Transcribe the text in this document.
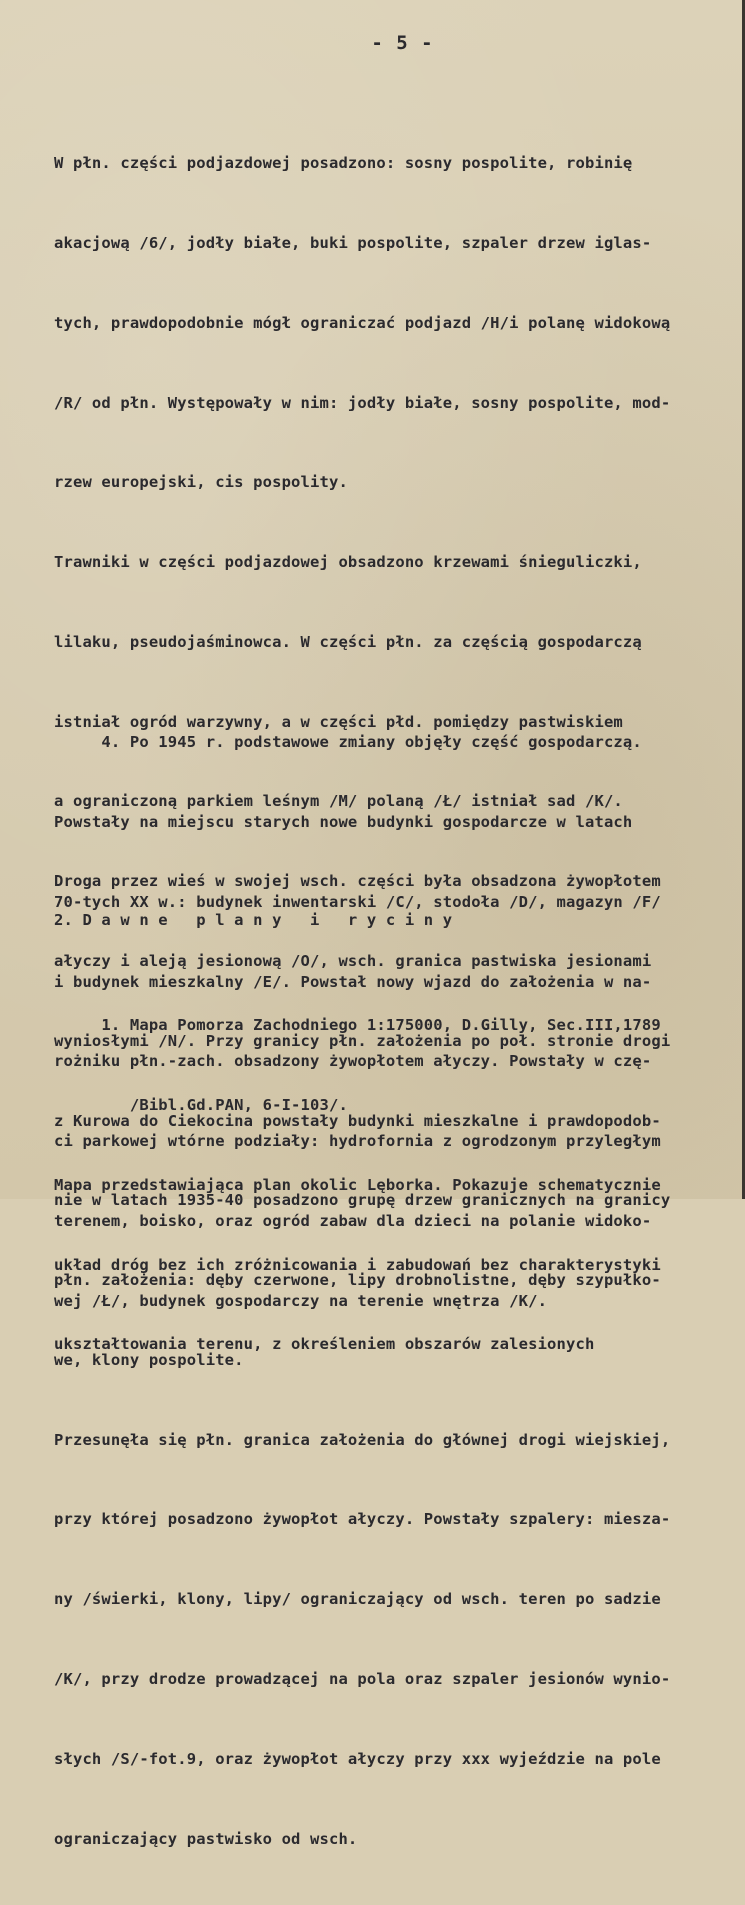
- 5 -

W płn. części podjazdowej posadzono: sosny pospolite, robinię

akacjową /6/, jodły białe, buki pospolite, szpaler drzew iglas-

tych, prawdopodobnie mógł ograniczać podjazd /H/i polanę widokową

/R/ od płn. Występowały w nim: jodły białe, sosny pospolite, mod-

rzew europejski, cis pospolity.

Trawniki w części podjazdowej obsadzono krzewami śnieguliczki,

lilaku, pseudojaśminowca. W części płn. za częścią gospodarczą

istniał ogród warzywny, a w części płd. pomiędzy pastwiskiem

a ograniczoną parkiem leśnym /M/ polaną /Ł/ istniał sad /K/.

Droga przez wieś w swojej wsch. części była obsadzona żywopłotem

ałyczy i aleją jesionową /O/, wsch. granica pastwiska jesionami

wyniosłymi /N/. Przy granicy płn. założenia po poł. stronie drogi

z Kurowa do Ciekocina powstały budynki mieszkalne i prawdopodob-

nie w latach 1935-40 posadzono grupę drzew granicznych na granicy

płn. założenia: dęby czerwone, lipy drobnolistne, dęby szypułko-

we, klony pospolite.

Przesunęła się płn. granica założenia do głównej drogi wiejskiej,

przy której posadzono żywopłot ałyczy. Powstały szpalery: miesza-

ny /świerki, klony, lipy/ ograniczający od wsch. teren po sadzie

/K/, przy drodze prowadzącej na pola oraz szpaler jesionów wynio-

słych /S/-fot.9, oraz żywopłot ałyczy przy xxx wyjeździe na pole

ograniczający pastwisko od wsch.

4. Po 1945 r. podstawowe zmiany objęły część gospodarczą.

Powstały na miejscu starych nowe budynki gospodarcze w latach

70-tych XX w.: budynek inwentarski /C/, stodoła /D/, magazyn /F/

i budynek mieszkalny /E/. Powstał nowy wjazd do założenia w na-

rożniku płn.-zach. obsadzony żywopłotem ałyczy. Powstały w czę-

ci parkowej wtórne podziały: hydrofornia z ogrodzonym przyległym

terenem, boisko, oraz ogród zabaw dla dzieci na polanie widoko-

wej /Ł/, budynek gospodarczy na terenie wnętrza /K/.

2. D a w n e   p l a n y   i   r y c i n y

1. Mapa Pomorza Zachodniego 1:175000, D.Gilly, Sec.III,1789

/Bibl.Gd.PAN, 6-I-103/.

Mapa przedstawiająca plan okolic Lęborka. Pokazuje schematycznie

układ dróg bez ich zróżnicowania i zabudowań bez charakterystyki

ukształtowania terenu, z określeniem obszarów zalesionych
